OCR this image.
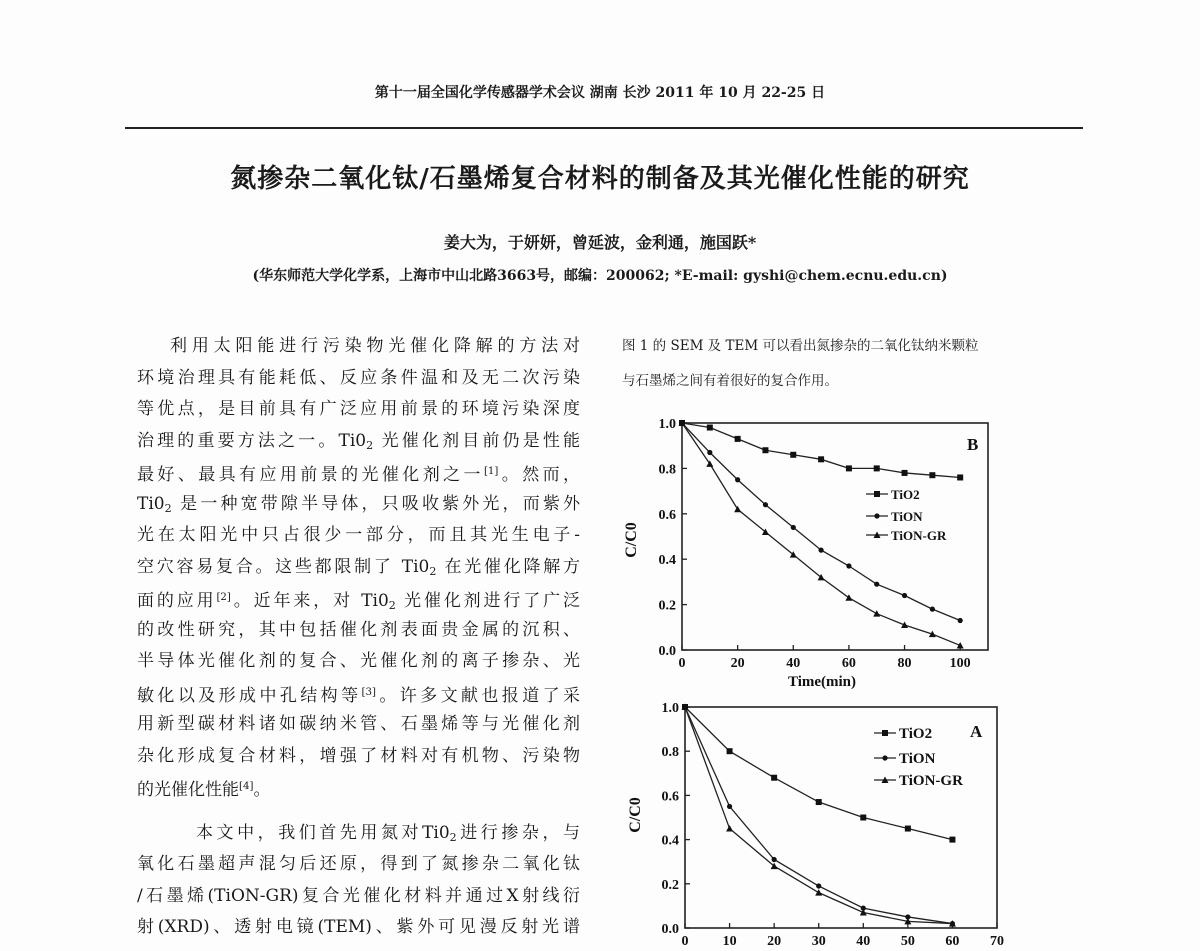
第十一届全国化学传感器学术会议 湖南 长沙 2011 年 10 月 22-25 日
氮掺杂二氧化钛/石墨烯复合材料的制备及其光催化性能的研究
姜大为，于妍妍，曾延波，金利通，施国跃*
(华东师范大学化学系，上海市中山北路3663号，邮编：200062; *E-mail: gyshi@chem.ecnu.edu.cn)
利用太阳能进行污染物光催化降解的方法对
环境治理具有能耗低、反应条件温和及无二次污染
等优点，是目前具有广泛应用前景的环境污染深度
治理的重要方法之一。$Ti0_2$ 光催化剂目前仍是性能
最好、最具有应用前景的光催化剂之一[1]。然而，
$Ti0_2$ 是一种宽带隙半导体，只吸收紫外光，而紫外
光在太阳光中只占很少一部分，而且其光生电子-
空穴容易复合。这些都限制了 $Ti0_2$ 在光催化降解方
面的应用[2]。近年来，对 $Ti0_2$ 光催化剂进行了广泛
的改性研究，其中包括催化剂表面贵金属的沉积、
半导体光催化剂的复合、光催化剂的离子掺杂、光
敏化以及形成中孔结构等[3]。许多文献也报道了采
用新型碳材料诸如碳纳米管、石墨烯等与光催化剂
杂化形成复合材料，增强了材料对有机物、污染物
的光催化性能[4]。
本文中，我们首先用氮对$Ti0_2$进行掺杂，与
氧化石墨超声混匀后还原，得到了氮掺杂二氧化钛
/石墨烯(TiON-GR)复合光催化材料并通过X射线衍
射(XRD)、透射电镜(TEM)、紫外可见漫反射光谱
图 1 的 SEM 及 TEM 可以看出氮掺杂的二氧化钛纳米颗粒
与石墨烯之间有着很好的复合作用。
0	20	40	60	80	100
0.0
0.2
0.4
0.6
0.8
1.0
C/C0
Time(min)
B
TiO2
TiON
TiON-GR
0 10 20 30 40 50 60 70
0.0
0.2
0.4
0.6
0.8
1.0
C/C0
A
TiO2
TiON
TiON-GR
